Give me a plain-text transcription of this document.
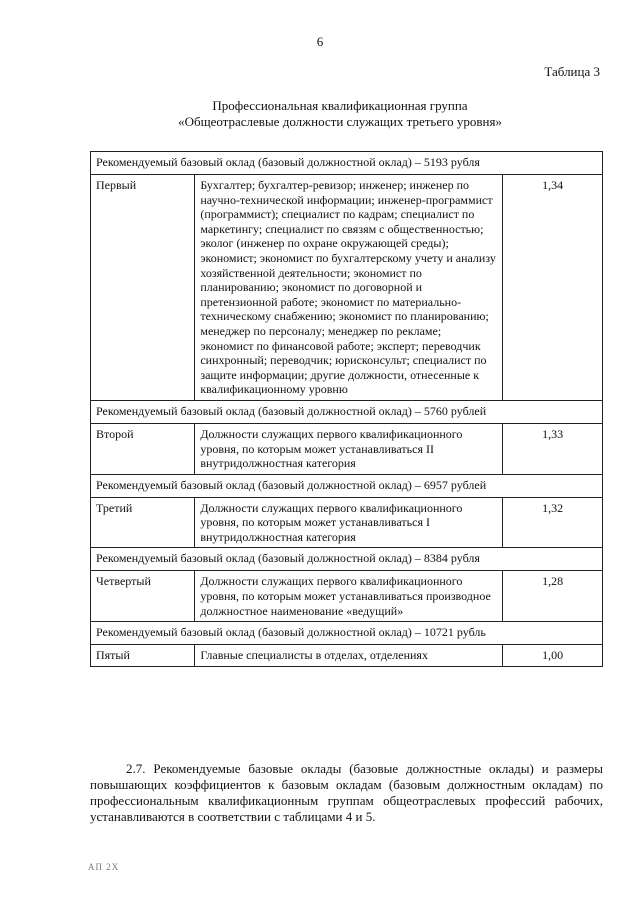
6
Таблица 3
Профессиональная квалификационная группа
«Общеотраслевые должности служащих третьего уровня»
Рекомендуемый базовый оклад (базовый должностной оклад) – 5193 рубля		
Первый	Бухгалтер; бухгалтер-ревизор; инженер; инженер по научно-технической информации; инженер-программист (программист); специалист по кадрам; специалист по маркетингу; специалист по связям с общественностью; эколог (инженер по охране окружающей среды); экономист; экономист по бухгалтерскому учету и анализу хозяйственной деятельности; экономист по планированию; экономист по договорной и претензионной работе; экономист по материально-техническому снабжению; экономист по планированию; менеджер по персоналу; менеджер по рекламе; экономист по финансовой работе; эксперт; переводчик синхронный; переводчик; юрисконсульт; специалист по защите информации; другие должности, отнесенные к квалификационному уровню	1,34
Рекомендуемый базовый оклад (базовый должностной оклад) – 5760 рублей		
Второй	Должности служащих первого квалификационного уровня, по которым может устанавливаться II внутридолжностная категория	1,33
Рекомендуемый базовый оклад (базовый должностной оклад) – 6957 рублей		
Третий	Должности служащих первого квалификационного уровня, по которым может устанавливаться I внутридолжностная категория	1,32
Рекомендуемый базовый оклад (базовый должностной оклад) – 8384 рубля		
Четвертый	Должности служащих первого квалификационного уровня, по которым может устанавливаться производное должностное наименование «ведущий»	1,28
Рекомендуемый базовый оклад (базовый должностной оклад) – 10721 рубль		
Пятый	Главные специалисты в отделах, отделениях	1,00

2.7. Рекомендуемые базовые оклады (базовые должностные оклады) и размеры повышающих коэффициентов к базовым окладам (базовым должностным окладам) по профессиональным квалификационным группам общеотраслевых профессий рабочих, устанавливаются в соответствии с таблицами 4 и 5.

АП 2Х
